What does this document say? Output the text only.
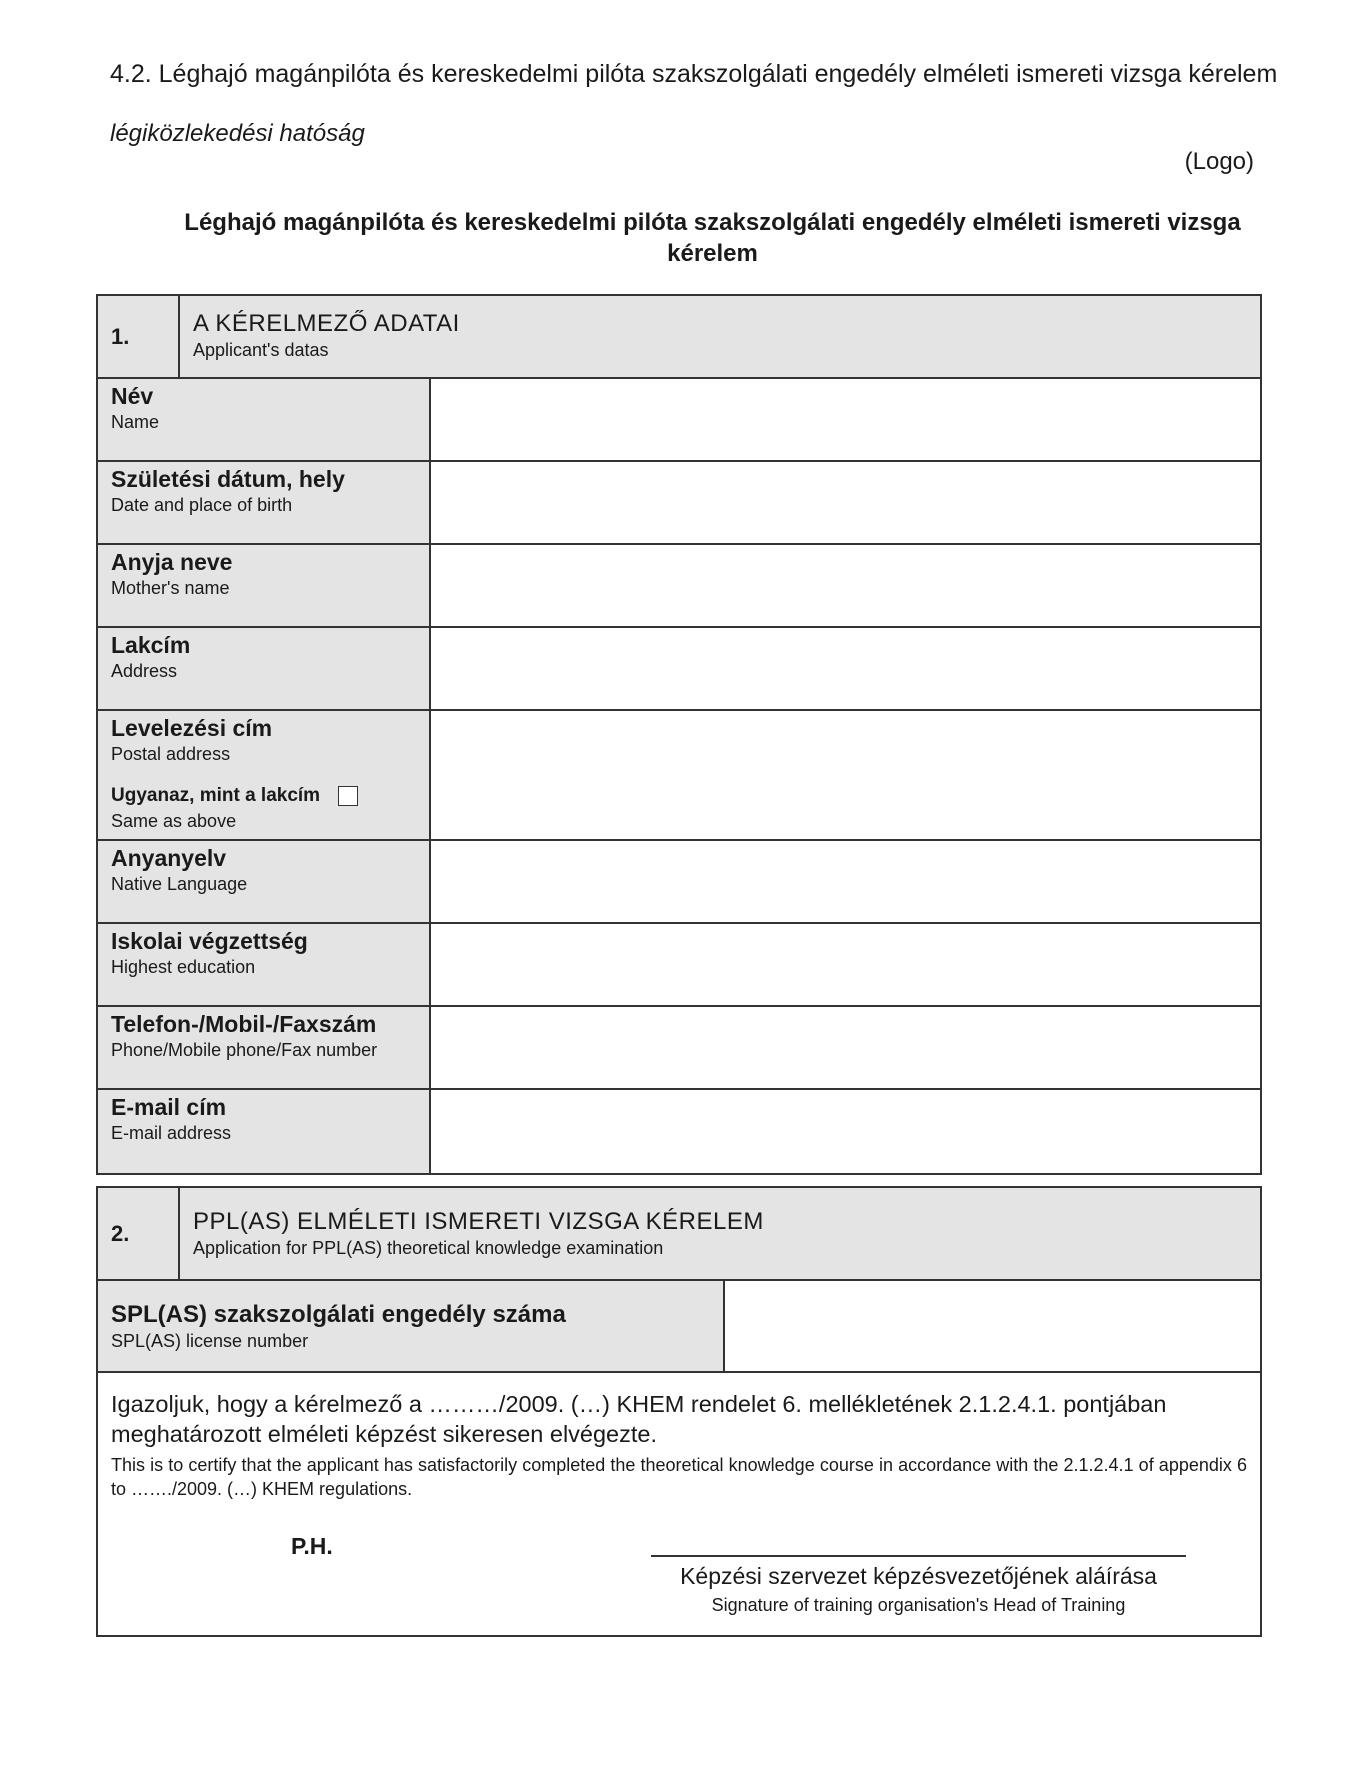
4.2. Léghajó magánpilóta és kereskedelmi pilóta szakszolgálati engedély elméleti ismereti vizsga kérelem
légiközlekedési hatóság
(Logo)
Léghajó magánpilóta és kereskedelmi pilóta szakszolgálati engedély elméleti ismereti vizsga kérelem
1.	A KÉRELMEZŐ ADATAI
Applicant's datas
Név
Name
Születési dátum, hely
Date and place of birth
Anyja neve
Mother's name
Lakcím
Address
Levelezési cím
Postal address
Ugyanaz, mint a lakcím
Same as above
Anyanyelv
Native Language
Iskolai végzettség
Highest education
Telefon-/Mobil-/Faxszám
Phone/Mobile phone/Fax number
E-mail cím
E-mail address
2.	PPL(AS) ELMÉLETI ISMERETI VIZSGA KÉRELEM
Application for PPL(AS) theoretical knowledge examination
SPL(AS) szakszolgálati engedély száma
SPL(AS) license number
Igazoljuk, hogy a kérelmező a ………/2009. (…) KHEM rendelet 6. mellékletének 2.1.2.4.1. pontjában meghatározott elméleti képzést sikeresen elvégezte.
This is to certify that the applicant has satisfactorily completed the theoretical knowledge course in accordance with the 2.1.2.4.1 of appendix 6 to ……./2009. (…) KHEM regulations.
P.H.
Képzési szervezet képzésvezetőjének aláírása
Signature of training organisation's Head of Training
